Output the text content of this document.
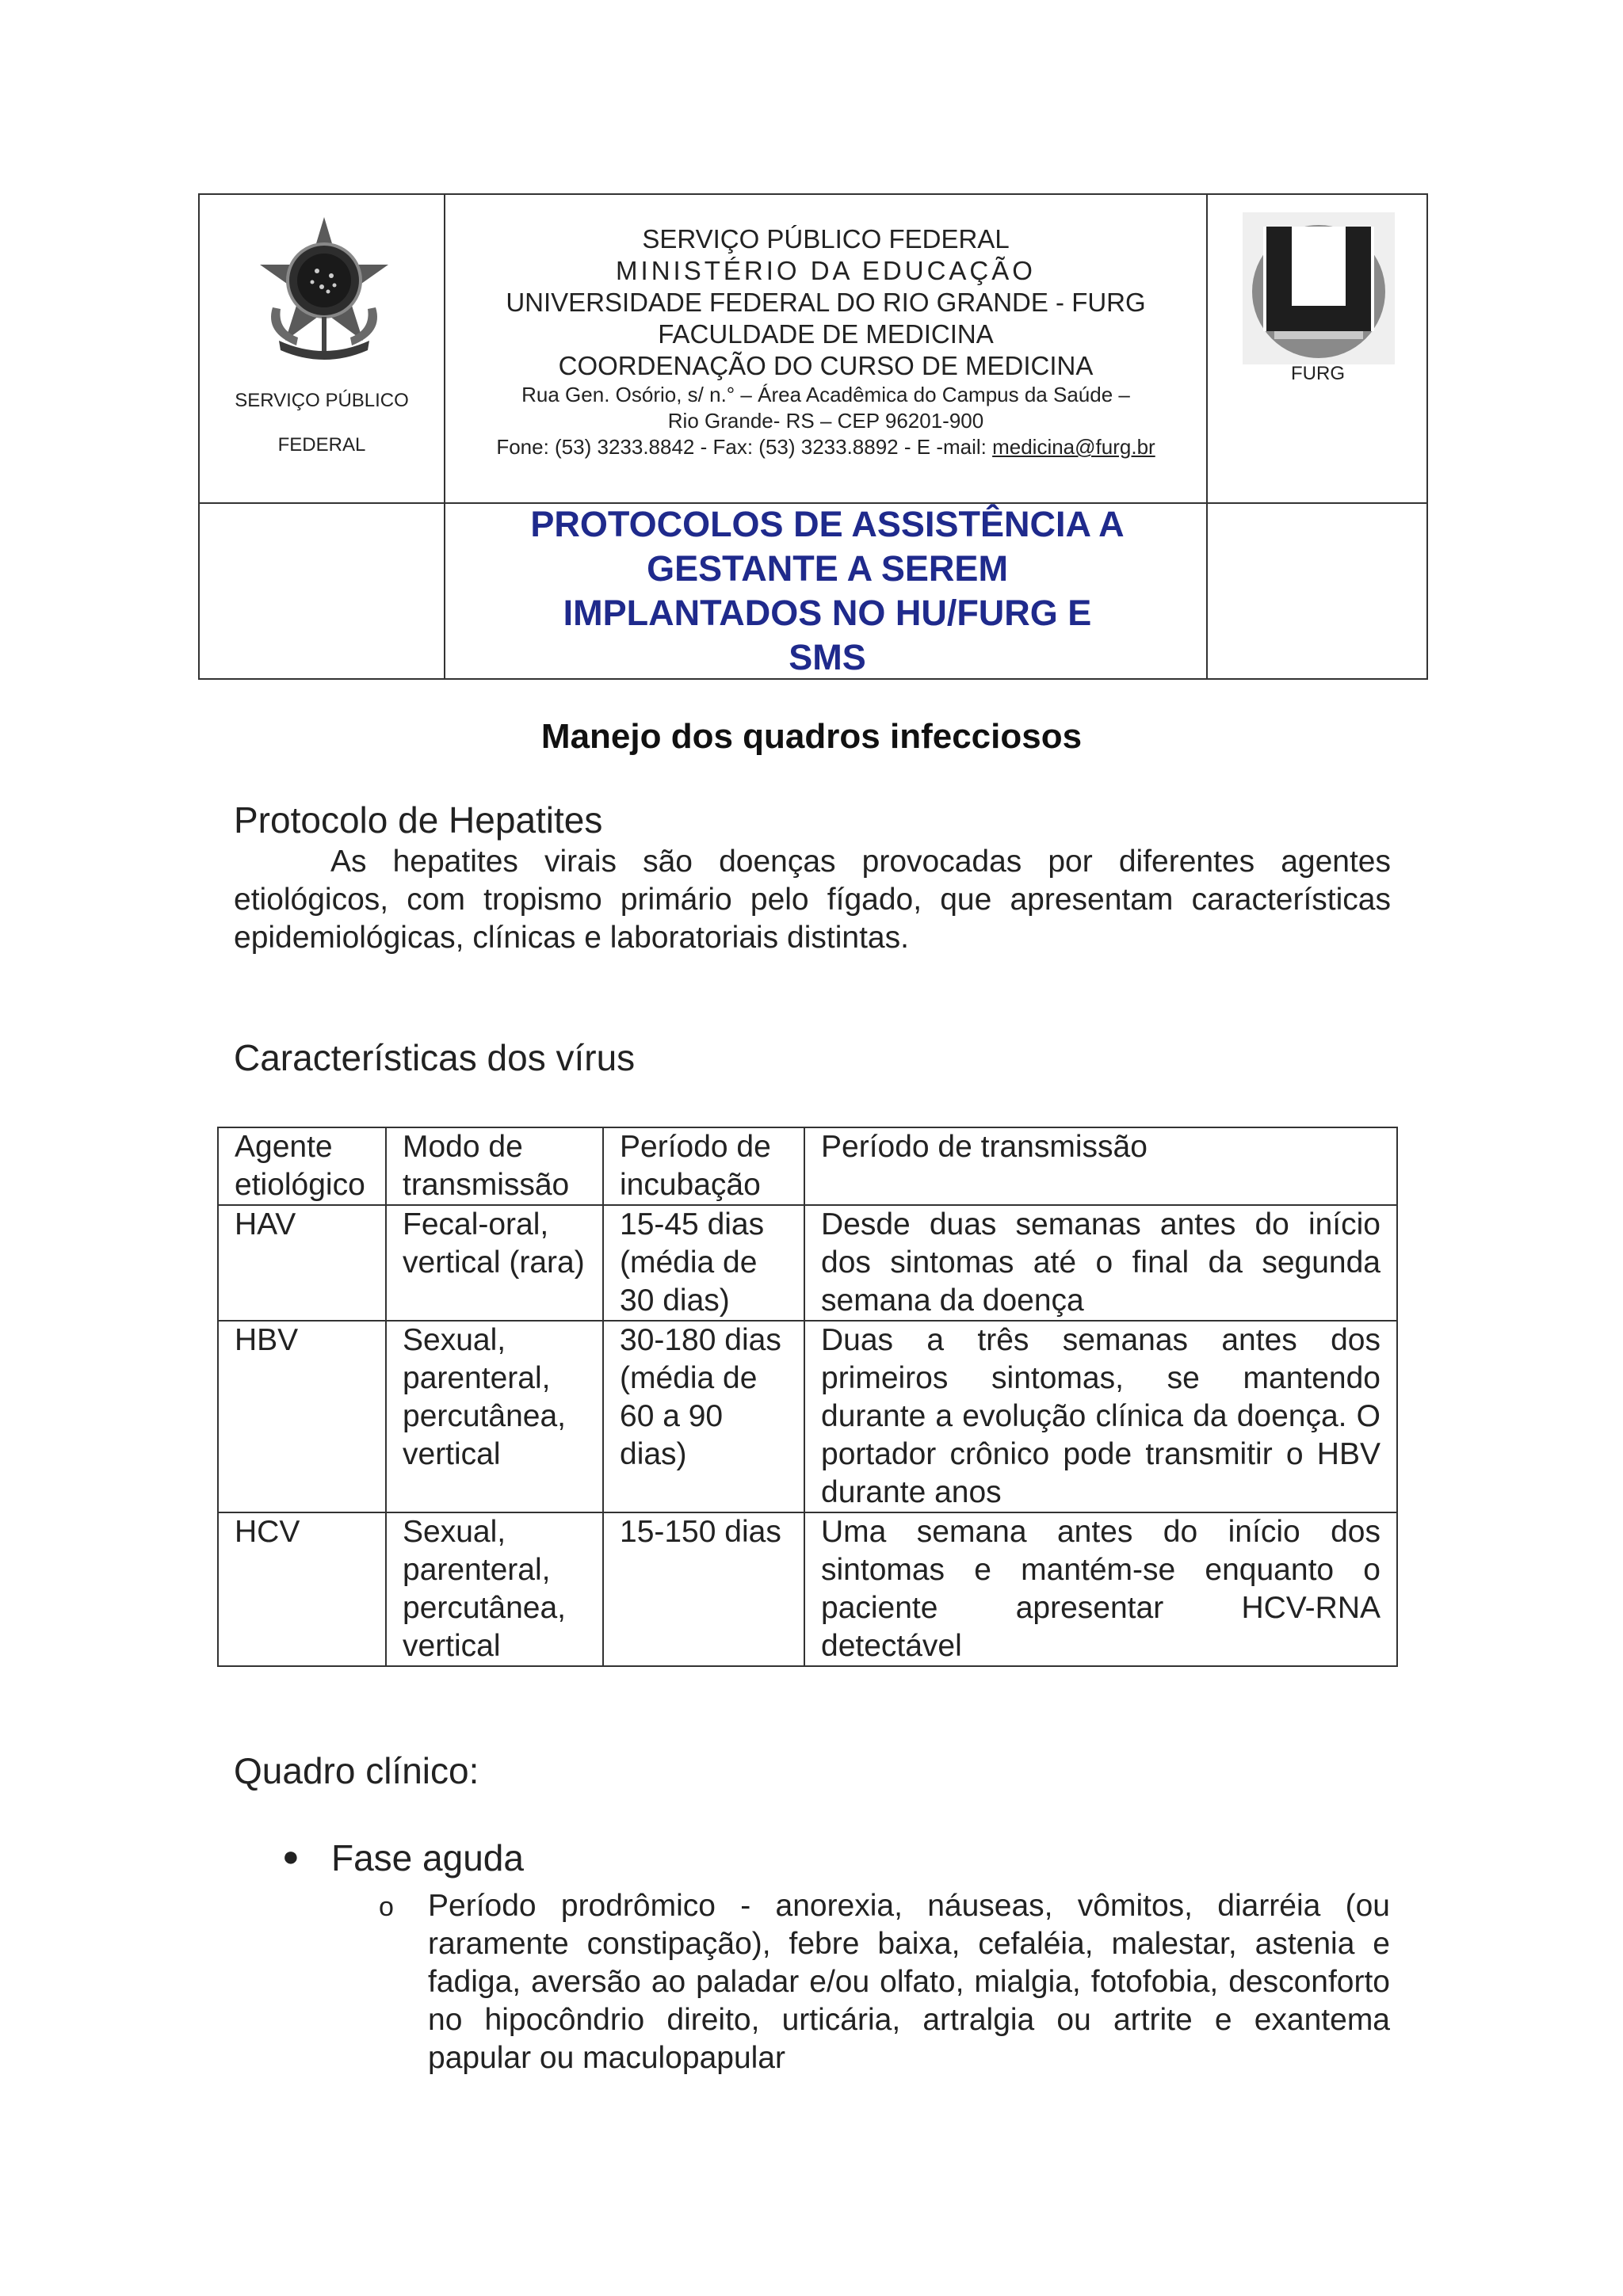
SERVIÇO PÚBLICO
FEDERAL
SERVIÇO PÚBLICO FEDERAL
MINISTÉRIO DA EDUCAÇÃO
UNIVERSIDADE FEDERAL DO RIO GRANDE - FURG
FACULDADE DE MEDICINA
COORDENAÇÃO DO CURSO DE MEDICINA
Rua Gen. Osório, s/ n.° – Área Acadêmica do Campus da Saúde –
Rio Grande- RS – CEP 96201-900
Fone: (53) 3233.8842 - Fax: (53) 3233.8892 - E -mail: medicina@furg.br
FURG
PROTOCOLOS DE ASSISTÊNCIA A
GESTANTE A SEREM
IMPLANTADOS NO HU/FURG E
SMS
Manejo dos quadros infecciosos
Protocolo de Hepatites
As hepatites virais são doenças provocadas por diferentes agentes etiológicos, com tropismo primário pelo fígado, que apresentam características epidemiológicas, clínicas e laboratoriais distintas.
Características dos vírus
Agente etiológico	Modo de transmissão	Período de incubação	Período de transmissão
HAV	Fecal-oral, vertical (rara)	15-45 dias (média de 30 dias)	Desde duas semanas antes do início dos sintomas até o final da segunda semana da doença
HBV	Sexual, parenteral, percutânea, vertical	30-180 dias (média de 60 a 90 dias)	Duas a três semanas antes dos primeiros sintomas, se mantendo durante a evolução clínica da doença. O portador crônico pode transmitir o HBV durante anos
HCV	Sexual, parenteral, percutânea, vertical	15-150 dias	Uma semana antes do início dos sintomas e mantém-se enquanto o paciente apresentar HCV-RNA detectável
Quadro clínico:
● Fase aguda
o Período prodrômico - anorexia, náuseas, vômitos, diarréia (ou raramente constipação), febre baixa, cefaléia, malestar, astenia e fadiga, aversão ao paladar e/ou olfato, mialgia, fotofobia, desconforto no hipocôndrio direito, urticária, artralgia ou artrite e exantema papular ou maculopapular
